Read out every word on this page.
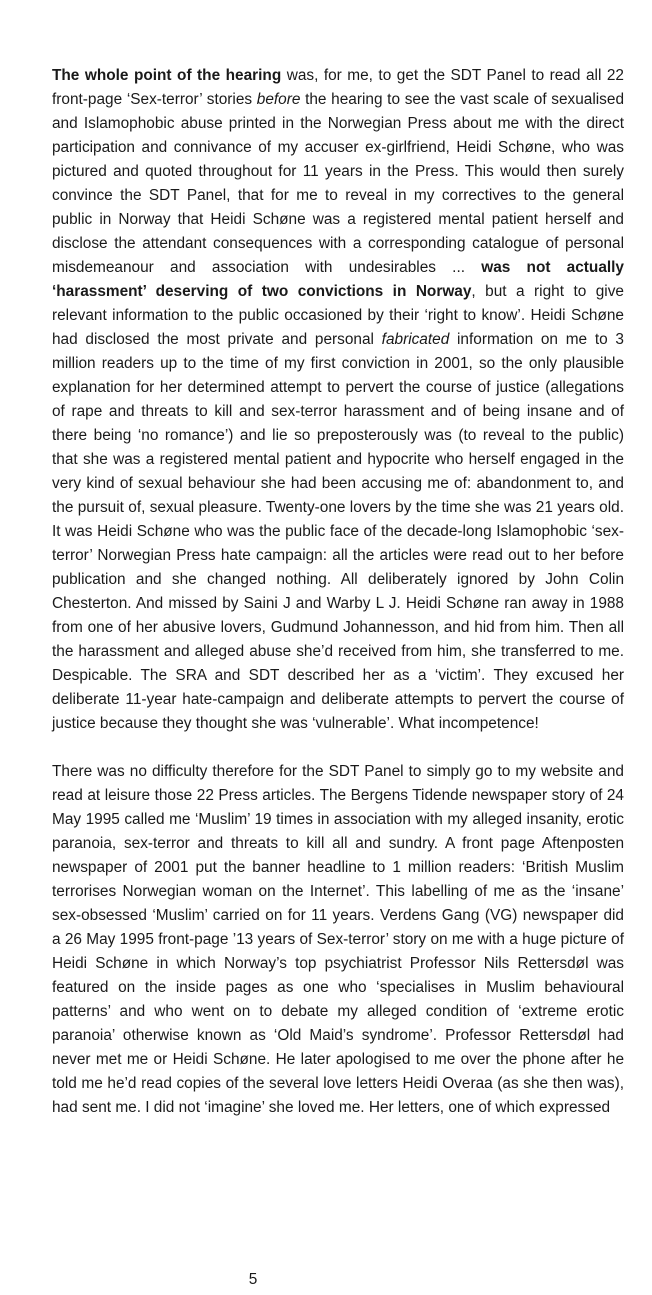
The whole point of the hearing was, for me, to get the SDT Panel to read all 22 front-page ‘Sex-terror’ stories before the hearing to see the vast scale of sexualised and Islamophobic abuse printed in the Norwegian Press about me with the direct participation and connivance of my accuser ex-girlfriend, Heidi Schøne, who was pictured and quoted throughout for 11 years in the Press. This would then surely convince the SDT Panel, that for me to reveal in my correctives to the general public in Norway that Heidi Schøne was a registered mental patient herself and disclose the attendant consequences with a corresponding catalogue of personal misdemeanour and association with undesirables ... was not actually ‘harassment’ deserving of two convictions in Norway, but a right to give relevant information to the public occasioned by their ‘right to know’. Heidi Schøne had disclosed the most private and personal fabricated information on me to 3 million readers up to the time of my first conviction in 2001, so the only plausible explanation for her determined attempt to pervert the course of justice (allegations of rape and threats to kill and sex-terror harassment and of being insane and of there being ‘no romance’) and lie so preposterously was (to reveal to the public) that she was a registered mental patient and hypocrite who herself engaged in the very kind of sexual behaviour she had been accusing me of: abandonment to, and the pursuit of, sexual pleasure. Twenty-one lovers by the time she was 21 years old. It was Heidi Schøne who was the public face of the decade-long Islamophobic ‘sex-terror’ Norwegian Press hate campaign: all the articles were read out to her before publication and she changed nothing. All deliberately ignored by John Colin Chesterton. And missed by Saini J and Warby L J. Heidi Schøne ran away in 1988 from one of her abusive lovers, Gudmund Johannesson, and hid from him. Then all the harassment and alleged abuse she’d received from him, she transferred to me. Despicable. The SRA and SDT described her as a ‘victim’. They excused her deliberate 11-year hate-campaign and deliberate attempts to pervert the course of justice because they thought she was ‘vulnerable’. What incompetence!

There was no difficulty therefore for the SDT Panel to simply go to my website and read at leisure those 22 Press articles. The Bergens Tidende newspaper story of 24 May 1995 called me ‘Muslim’ 19 times in association with my alleged insanity, erotic paranoia, sex-terror and threats to kill all and sundry. A front page Aftenposten newspaper of 2001 put the banner headline to 1 million readers: ‘British Muslim terrorises Norwegian woman on the Internet’. This labelling of me as the ‘insane’ sex-obsessed ‘Muslim’ carried on for 11 years. Verdens Gang (VG) newspaper did a 26 May 1995 front-page ’13 years of Sex-terror’ story on me with a huge picture of Heidi Schøne in which Norway’s top psychiatrist Professor Nils Rettersdøl was featured on the inside pages as one who ‘specialises in Muslim behavioural patterns’ and who went on to debate my alleged condition of ‘extreme erotic paranoia’ otherwise known as ‘Old Maid’s syndrome’. Professor Rettersdøl had never met me or Heidi Schøne. He later apologised to me over the phone after he told me he’d read copies of the several love letters Heidi Overaa (as she then was), had sent me. I did not ‘imagine’ she loved me. Her letters, one of which expressed

5
